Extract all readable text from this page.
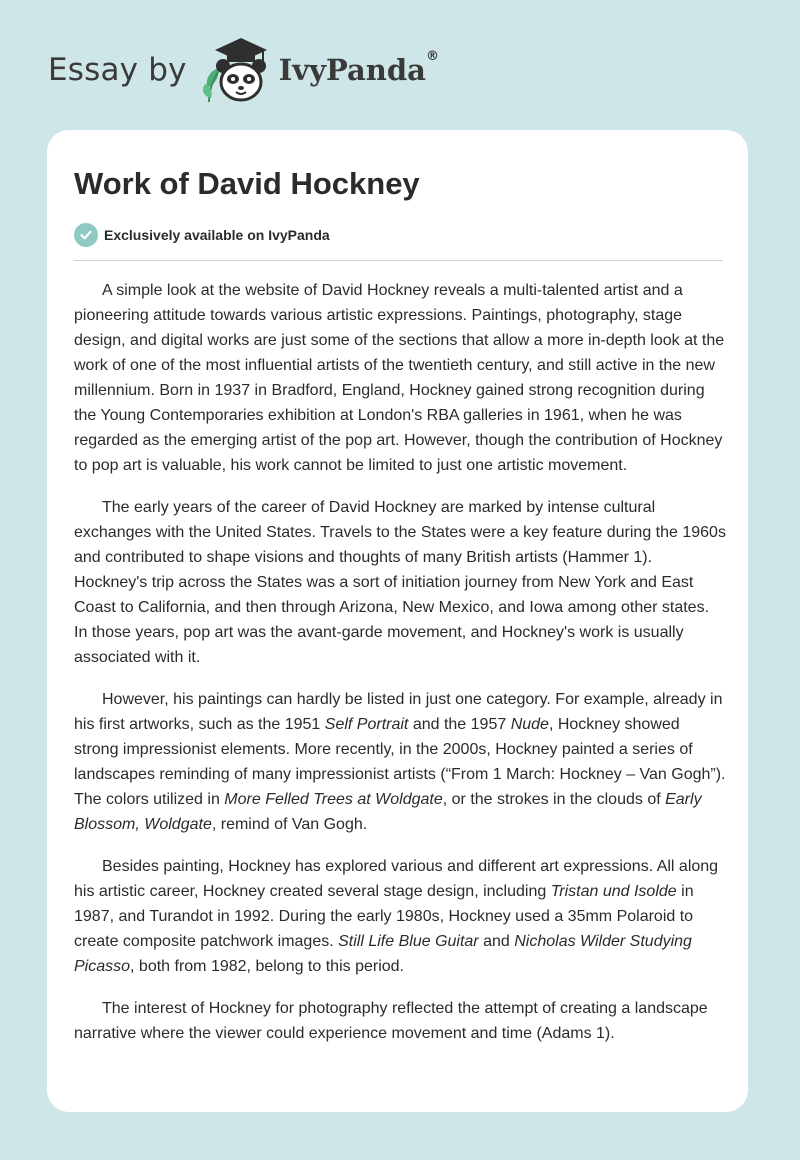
Essay by	IvyPanda®
Work of David Hockney
Exclusively available on IvyPanda

A simple look at the website of David Hockney reveals a multi-talented artist and a pioneering attitude towards various artistic expressions. Paintings, photography, stage design, and digital works are just some of the sections that allow a more in-depth look at the work of one of the most influential artists of the twentieth century, and still active in the new millennium. Born in 1937 in Bradford, England, Hockney gained strong recognition during the Young Contemporaries exhibition at London's RBA galleries in 1961, when he was regarded as the emerging artist of the pop art. However, though the contribution of Hockney to pop art is valuable, his work cannot be limited to just one artistic movement.

The early years of the career of David Hockney are marked by intense cultural exchanges with the United States. Travels to the States were a key feature during the 1960s and contributed to shape visions and thoughts of many British artists (Hammer 1). Hockney's trip across the States was a sort of initiation journey from New York and East Coast to California, and then through Arizona, New Mexico, and Iowa among other states. In those years, pop art was the avant-garde movement, and Hockney's work is usually associated with it.

However, his paintings can hardly be listed in just one category. For example, already in his first artworks, such as the 1951 Self Portrait and the 1957 Nude, Hockney showed strong impressionist elements. More recently, in the 2000s, Hockney painted a series of landscapes reminding of many impressionist artists (“From 1 March: Hockney – Van Gogh”). The colors utilized in More Felled Trees at Woldgate, or the strokes in the clouds of Early Blossom, Woldgate, remind of Van Gogh.

Besides painting, Hockney has explored various and different art expressions. All along his artistic career, Hockney created several stage design, including Tristan und Isolde in 1987, and Turandot in 1992. During the early 1980s, Hockney used a 35mm Polaroid to create composite patchwork images. Still Life Blue Guitar and Nicholas Wilder Studying Picasso, both from 1982, belong to this period.

The interest of Hockney for photography reflected the attempt of creating a landscape narrative where the viewer could experience movement and time (Adams 1).
